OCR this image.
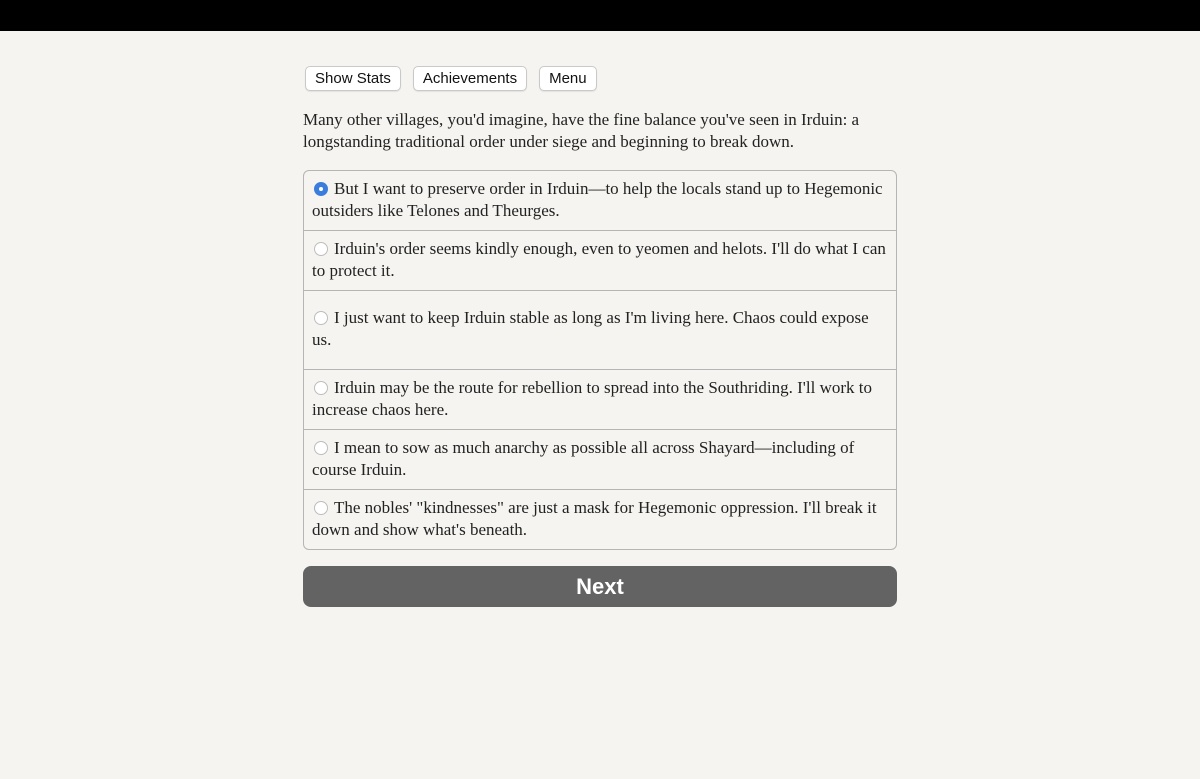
Show Stats	Achievements	Menu

Many other villages, you'd imagine, have the fine balance you've seen in Irduin: a longstanding traditional order under siege and beginning to break down.

But I want to preserve order in Irduin—to help the locals stand up to Hegemonic outsiders like Telones and Theurges.
Irduin's order seems kindly enough, even to yeomen and helots. I'll do what I can to protect it.
I just want to keep Irduin stable as long as I'm living here. Chaos could expose us.
Irduin may be the route for rebellion to spread into the Southriding. I'll work to increase chaos here.
I mean to sow as much anarchy as possible all across Shayard—including of course Irduin.
The nobles' "kindnesses" are just a mask for Hegemonic oppression. I'll break it down and show what's beneath.
Next
